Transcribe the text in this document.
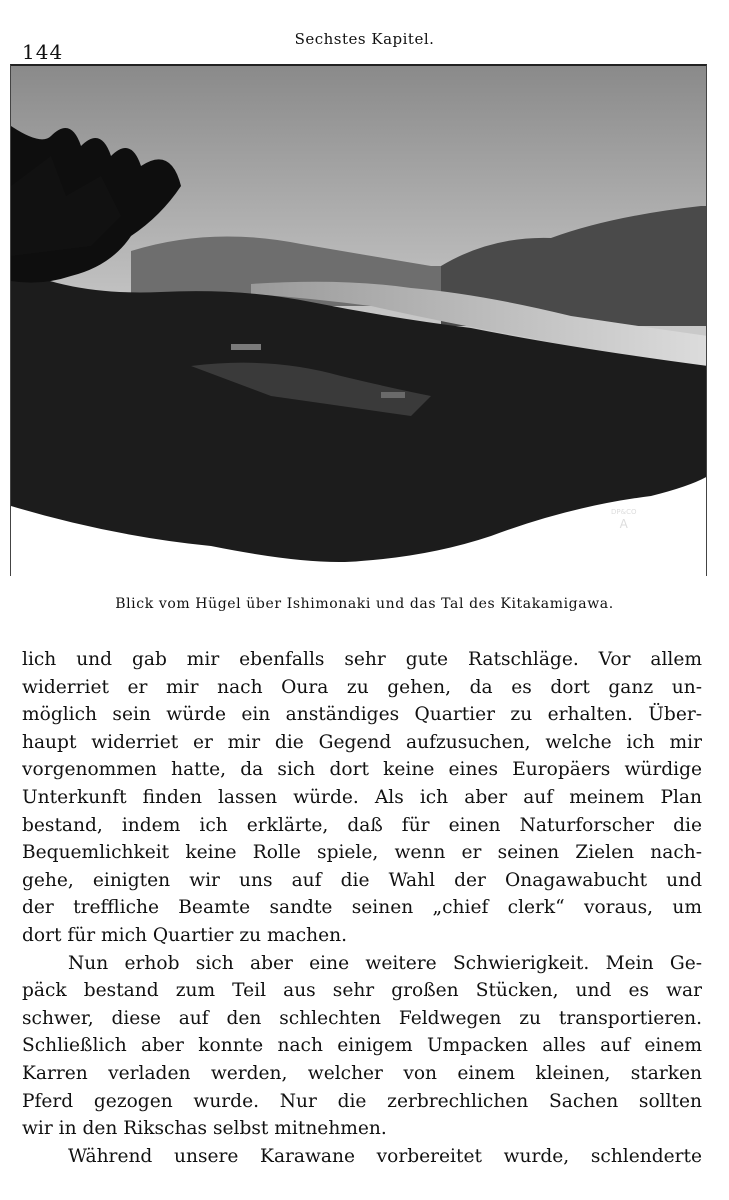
144
Sechstes Kapitel.
DP&CO
A
Blick vom Hügel über Ishimonaki und das Tal des Kitakamigawa.
lich und gab mir ebenfalls sehr gute Ratschläge. Vor allem
widerriet er mir nach Oura zu gehen, da es dort ganz un-
möglich sein würde ein anständiges Quartier zu erhalten. Über-
haupt widerriet er mir die Gegend aufzusuchen, welche ich mir
vorgenommen hatte, da sich dort keine eines Europäers würdige
Unterkunft finden lassen würde. Als ich aber auf meinem Plan
bestand, indem ich erklärte, daß für einen Naturforscher die
Bequemlichkeit keine Rolle spiele, wenn er seinen Zielen nach-
gehe, einigten wir uns auf die Wahl der Onagawabucht und
der treffliche Beamte sandte seinen „chief clerk“ voraus, um
dort für mich Quartier zu machen.
Nun erhob sich aber eine weitere Schwierigkeit. Mein Ge-
päck bestand zum Teil aus sehr großen Stücken, und es war
schwer, diese auf den schlechten Feldwegen zu transportieren.
Schließlich aber konnte nach einigem Umpacken alles auf einem
Karren verladen werden, welcher von einem kleinen, starken
Pferd gezogen wurde. Nur die zerbrechlichen Sachen sollten
wir in den Rikschas selbst mitnehmen.
Während unsere Karawane vorbereitet wurde, schlenderte
